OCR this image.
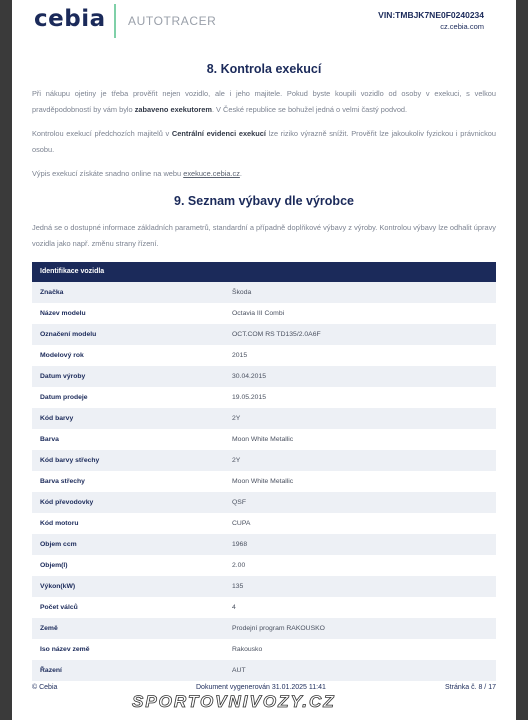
cebia AUTOTRACER	VIN:TMBJK7NE0F0240234
cz.cebia.com
8. Kontrola exekucí

Při nákupu ojetiny je třeba prověřit nejen vozidlo, ale i jeho majitele. Pokud byste koupili vozidlo od osoby v exekuci, s velkou pravděpodobností by vám bylo zabaveno exekutorem. V České republice se bohužel jedná o velmi častý podvod.

Kontrolou exekucí předchozích majitelů v Centrální evidenci exekucí lze riziko výrazně snížit. Prověřit lze jakoukoliv fyzickou i právnickou osobu.

Výpis exekucí získáte snadno online na webu exekuce.cebia.cz.

9. Seznam výbavy dle výrobce

Jedná se o dostupné informace základních parametrů, standardní a případně doplňkové výbavy z výroby. Kontrolou výbavy lze odhalit úpravy vozidla jako např. změnu strany řízení.

Identifikace vozidla
Značka	Škoda
Název modelu	Octavia III Combi
Označení modelu	OCT.COM RS TD135/2.0A6F
Modelový rok	2015
Datum výroby	30.04.2015
Datum prodeje	19.05.2015
Kód barvy	2Y
Barva	Moon White Metallic
Kód barvy střechy	2Y
Barva střechy	Moon White Metallic
Kód převodovky	QSF
Kód motoru	CUPA
Objem ccm	1968
Objem(l)	2.00
Výkon(kW)	135
Počet válců	4
Země	Prodejní program RAKOUSKO
Iso název země	Rakousko
Řazení	AUT
© Cebia	Dokument vygenerován 31.01.2025 11:41	Stránka č. 8 / 17
SPORTOVNIVOZY.CZ
